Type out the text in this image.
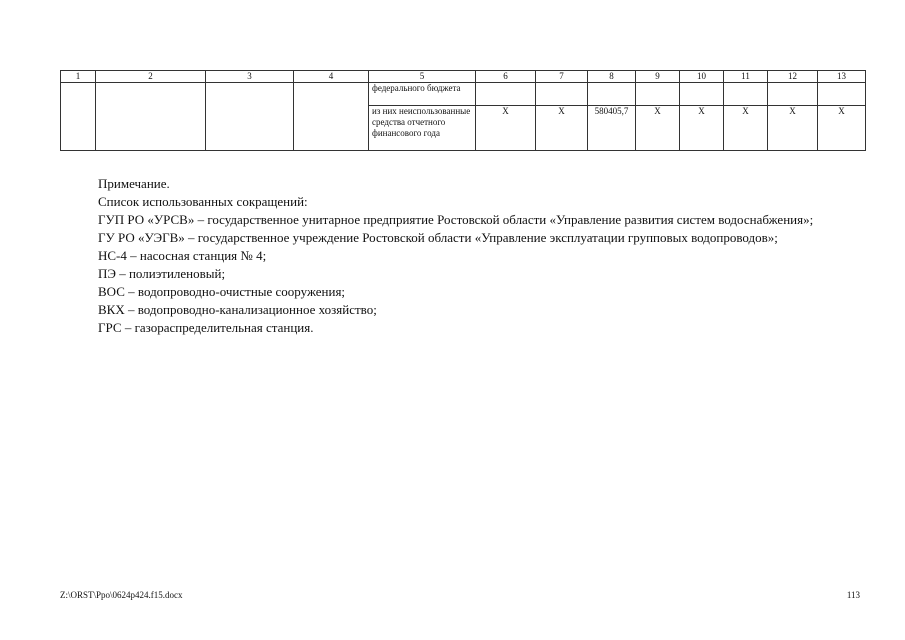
1	2	3	4	5	6	7	8	9	10	11	12	13
				федерального бюджета								
				из них неиспользованные средства отчетного финансового года	X	X	580405,7	X	X	X	X	X

Примечание.

Список использованных сокращений:

ГУП РО «УРСВ» – государственное унитарное предприятие Ростовской области «Управление развития систем водоснабжения»;

ГУ РО «УЭГВ» – государственное учреждение Ростовской области «Управление эксплуатации групповых водопроводов»;

НС-4 – насосная станция № 4;

ПЭ – полиэтиленовый;

ВОС – водопроводно-очистные сооружения;

ВКХ – водопроводно-канализационное хозяйство;

ГРС – газораспределительная станция.

Z:\ORST\Ppo\0624p424.f15.docx	113
